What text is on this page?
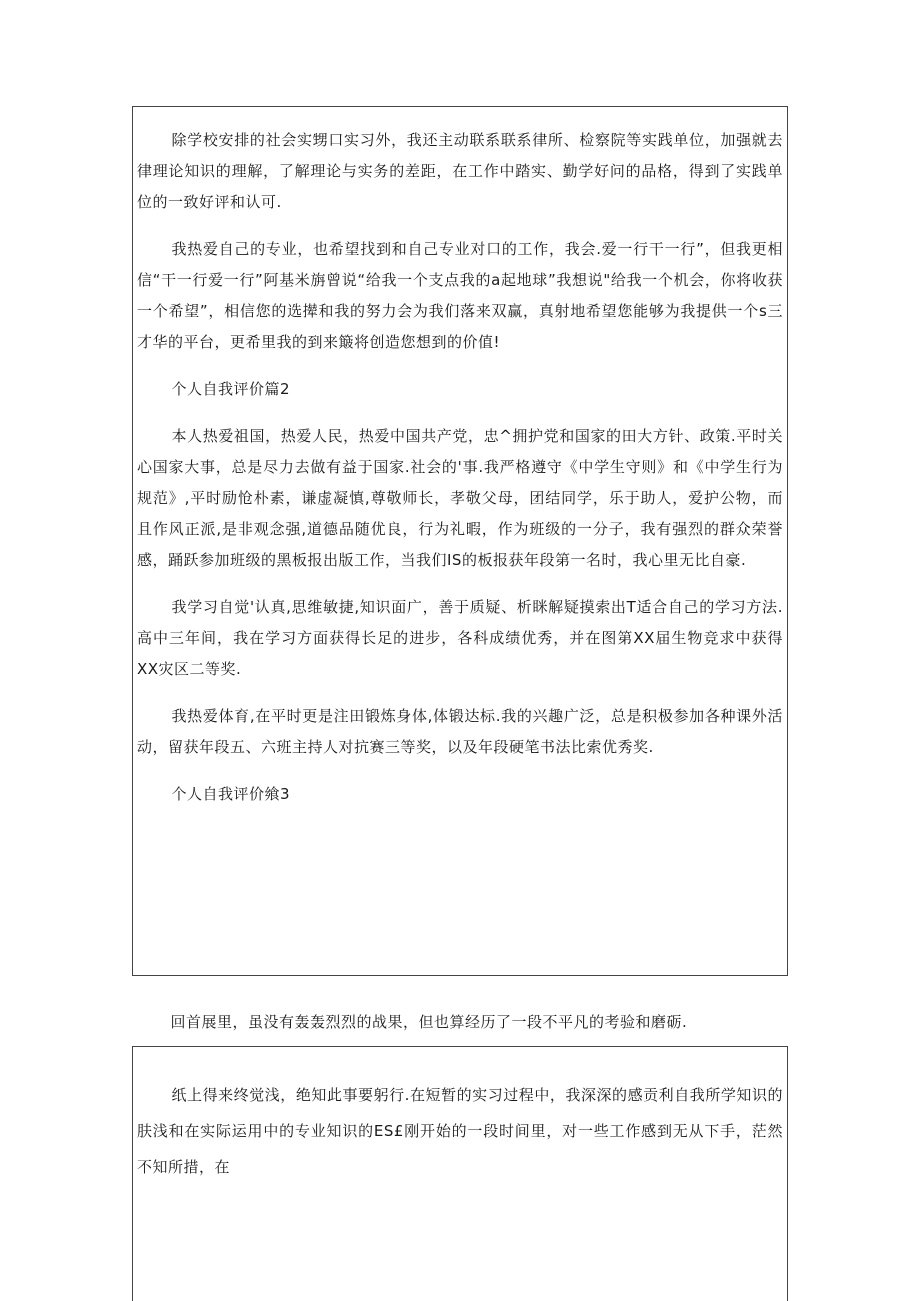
除学校安排的社会实甥口实习外，我还主动联系联系律所、检察院等实践单位，加强就去律理论知识的理解，了解理论与实务的差距，在工作中踏实、勤学好问的品格，得到了实践单位的一致好评和认可.

我热爱自己的专业，也希望找到和自己专业对口的工作，我会.爱一行干一行”，但我更相信“干一行爱一行”阿基米旃曾说“给我一个支点我的a起地球”我想说"给我一个机会，你将收获一个希望”，相信您的选撵和我的努力会为我们落来双赢，真射地希望您能够为我提供一个s三才华的平台，更希里我的到来簸将创造您想到的价值!

个人自我评价篇2

本人热爱祖国，热爱人民，热爱中国共产党，忠^拥护党和国家的田大方针、政策.平时关心国家大事，总是尽力去做有益于国家.社会的'事.我严格遵守《中学生守则》和《中学生行为规范》,平时励怆朴素，谦虚凝慎,尊敬师长，孝敬父母，团结同学，乐于助人，爱护公物，而且作风正派,是非观念强,道德品随优良，行为礼暇，作为班级的一分子，我有强烈的群众荣誉感，踊跃参加班级的黑板报出版工作，当我们IS的板报获年段第一名时，我心里无比自豪.

我学习自觉'认真,思维敏捷,知识面广，善于质疑、析眯解疑摸索出T适合自己的学习方法.高中三年间，我在学习方面获得长足的进步，各科成绩优秀，并在图第XX届生物竞求中获得XX灾区二等奖.

我热爱体育,在平时更是注田锻炼身体,体锻达标.我的兴趣广泛，总是积极参加各种课外活动，留获年段五、六班主持人对抗赛三等奖，以及年段硬笔书法比索优秀奖.

个人自我评价飨3

回首展里，虽没有轰轰烈烈的战果，但也算经历了一段不平凡的考验和磨砺.

纸上得来终觉浅，绝知此事要躬行.在短暂的实习过程中，我深深的感贡利自我所学知识的肤浅和在实际运用中的专业知识的ES£刚开始的一段时间里，对一些工作感到无从下手，茫然不知所措，在
